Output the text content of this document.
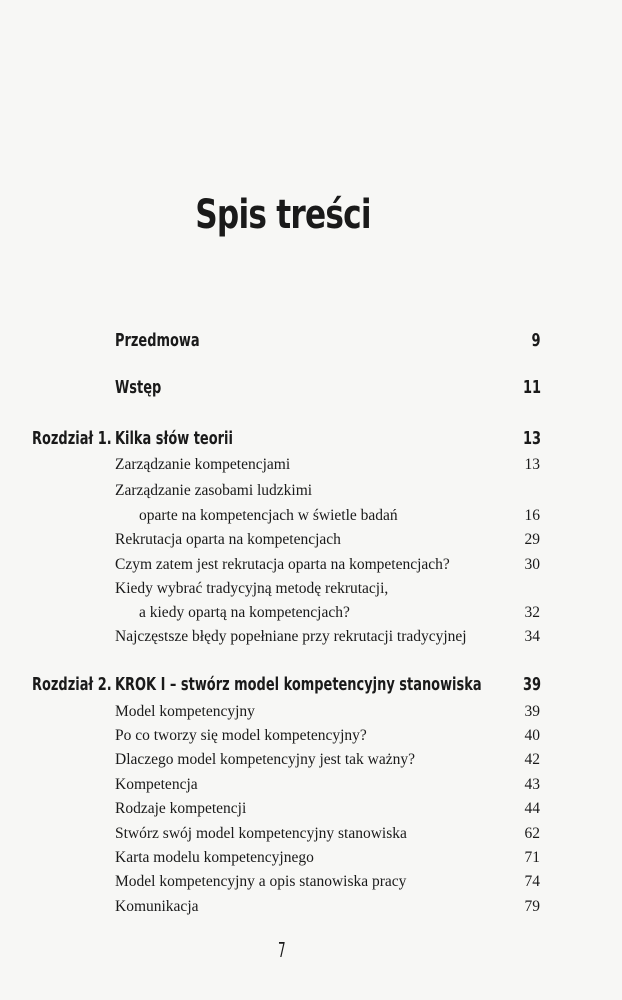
Spis treści
Przedmowa	9
Wstęp	11
Rozdział 1. Kilka słów teorii	13
Zarządzanie kompetencjami	13
Zarządzanie zasobami ludzkimi
oparte na kompetencjach w świetle badań	16
Rekrutacja oparta na kompetencjach	29
Czym zatem jest rekrutacja oparta na kompetencjach?	30
Kiedy wybrać tradycyjną metodę rekrutacji,
a kiedy opartą na kompetencjach?	32
Najczęstsze błędy popełniane przy rekrutacji tradycyjnej	34
Rozdział 2. KROK I – stwórz model kompetencyjny stanowiska 39
Model kompetencyjny	39
Po co tworzy się model kompetencyjny?	40
Dlaczego model kompetencyjny jest tak ważny?	42
Kompetencja	43
Rodzaje kompetencji	44
Stwórz swój model kompetencyjny stanowiska	62
Karta modelu kompetencyjnego	71
Model kompetencyjny a opis stanowiska pracy	74
Komunikacja	79
7
